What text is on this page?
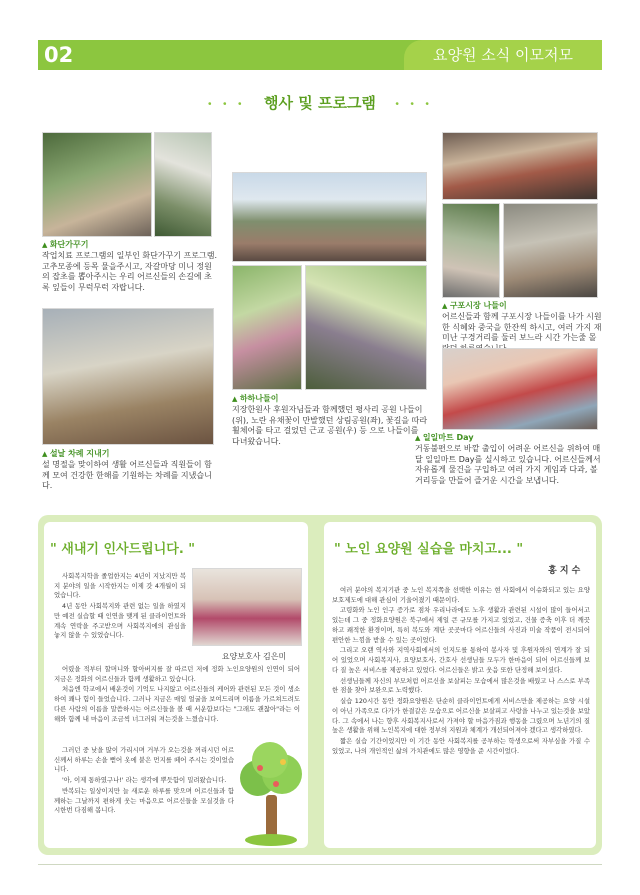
02	요양원 소식 이모저모
・・・ 행사 및 프로그램 ・・・
▲ 화단가꾸기
작업치료 프로그램의 일부인 화단가꾸기 프로그램. 고추모종에 등목 물을주시고, 자갈마당 미니 정원의 잡초를 뽑아주시는 우리 어르신들의 손길에 초록 잎들이 무럭무럭 자랍니다.
▲ 설날 차례 지내기
설 명절을 맞이하여 생활 어르신들과 직원들이 함께 모여 건강한 한해를 기원하는 차례를 지냈습니다.
▲ 하하나들이
지장한원사 후원자님들과 함께했던 평사리 공원 나들이(위), 노란 유채꽃이 만발했던 상림공원(좌), 꽃길을 따라 휠체어를 타고 걸었던 근교 공원(우) 등 으로 나들이를 다녀왔습니다.
▲ 구포시장 나들이
어르신들과 함께 구포시장 나들이를 나가 시원한 식혜와 중국을 한잔씩 하시고, 여러 가지 재미난 구경거리를 둘러 보느라 시간 가는줄 몰
▲ 일일마트 Day
거동불편으로 바깥 출입이 어려운 어르신을 위하여 매달 일일마트 Day를 실시하고 있습니다. 어르신들께서 자유롭게 물건을 구입하고 여러 가지 게임과 다과, 볼거리등을 만들어 즐거운 시간을 보냅니다.
" 새내기 인사드립니다. "
요양보호사 김은미

사회복지학을 졸업한지는 4년이 지났지만 복지 분야의 일을 시작한지는 이제 갓 4개월이 되었습니다.

4년 동안 사회복지와 관련 없는 일을 하였지만 예전 실습할 때 인연을 맺게 된 클라이언트와 계속 연락을 주고받으며 사회복지에의 관심을 놓지 않을 수 있었습니다.

어렸을 적부터 할머니와 할아버지를 잘 따르던 저에 정화 노인요양원의 인연이 되어 지금은 정화의 어르신들과 함께 생활하고 있습니다.

처음엔 학교에서 배운것이 기억도 나지않고 어르신들의 케어와 관련된 모든 것이 생소하여 꽤나 힘이 들었습니다. 그러나 지금은 매일 얼굴을 보여드리며 이름을 가르쳐드려도 다른 사람의 이름을 말씀하시는 어르신들을 볼 때 서운함보다는 "그래도 괜찮아"라는 이해와 함께 내 마음이 조금씩 너그러워 져는것을 느꼈습니다.

그러던 중 낮을 많이 가리시며 거부가 오는것을 꺼리시던 어르신께서 하루는 손을 뻗어 옷에 붙은 먼지를 떼어 주시는 것이었습니다.

'아, 이제 통하였구나!' 라는 생각에 뿌듯함이 밀려왔습니다.

반복되는 일상이지만 늘 새로운 하루를 맞으며 어르신들과 함께하는 그날까지 편하게 웃는 마음으로 어르신들을 모실것을 다시한번 다짐해 봅니다.

" 노인 요양원 실습을 마치고... "
홍 지 수

여러 분야의 복지기관 중 노인 복지쪽을 선택한 이유는 현 사회에서 이슈화되고 있는 요양보호제도에 대해 관심이 기울어졌기 때문이다.

고령화와 노인 인구 증가로 점차 우리나라에도 노후 생활과 관련된 시설이 많이 들어서고 있는데 그 중 정화요양원은 북구에서 제일 큰 규모를 가지고 있었고, 건물 증축 이후 더 깨끗하고 쾌적한 환경이며, 특히 복도와 계단 곳곳마다 어르신들의 사진과 미술 작품이 전시되어 편안한 느낌을 받을 수 있는 곳이었다.

그리고 오랜 역사와 지역사회에서의 인지도를 통하여 봉사자 및 후원자와의 연계가 잘 되어 있었으며 사회복지사, 요양보호사, 간호사 선생님들 모두가 한마음이 되어 어르신들께 보다 질 높은 서비스를 제공하고 있었다. 어르신들은 밝고 웃음 또한 단정해 보이셨다.

선생님들께 자신의 부모처럼 어르신을 보살피는 모습에서 많은것을 배웠고 나 스스로 부족한 점을 찾아 보완으로 노력했다.

실습 120시간 동안 정화요양원은 단순히 클라이언트에게 서비스만을 제공하는 요양 시설이 아닌 가족으로 다가가 한결같은 모습으로 어르신을 보살피고 사랑을 나누고 있는것을 보았다. 그 속에서 나는 향후 사회복지사로서 가져야 할 마음가짐과 행동을 그렸으며 노년기의 질 높은 생활을 위해 노인복지에 대한 정부의 지원과 체계가 개선되어져야 겠다고 생각하였다.

짧은 실습 기간이었지만 이 기간 동안 사회복지를 공부하는 학생으로써 자부심을 가질 수 있었고, 나의 개인적인 삶의 가치관에도 많은 영향을 준 시간이었다.
